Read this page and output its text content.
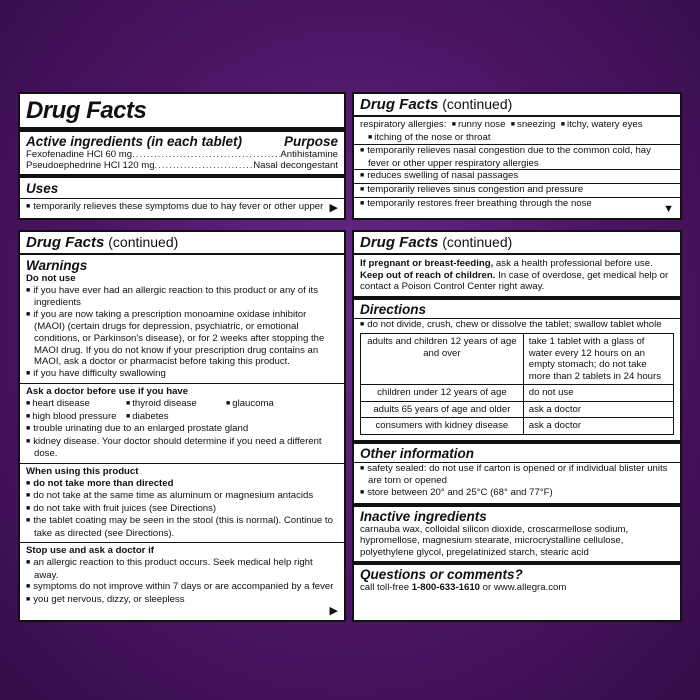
Drug Facts
Active ingredients (in each tablet)	Purpose
Fexofenadine HCl 60 mg .....	Antihistamine
Pseudoephedrine HCl 120 mg .....	Nasal decongestant
Uses
■ temporarily relieves these symptoms due to hay fever or other upper ▶
Drug Facts (continued)
respiratory allergies: ■ runny nose ■ sneezing ■ itchy, watery eyes
■ itching of the nose or throat
■ temporarily relieves nasal congestion due to the common cold, hay fever or other upper respiratory allergies
■ reduces swelling of nasal passages
■ temporarily relieves sinus congestion and pressure
■ temporarily restores freer breathing through the nose	▼
Drug Facts (continued)
Warnings
Do not use
■ if you have ever had an allergic reaction to this product or any of its ingredients
■ if you are now taking a prescription monoamine oxidase inhibitor (MAOI) (certain drugs for depression, psychiatric, or emotional conditions, or Parkinson's disease), or for 2 weeks after stopping the MAOI drug. If you do not know if your prescription drug contains an MAOI, ask a doctor or pharmacist before taking this product.
■ if you have difficulty swallowing
Ask a doctor before use if you have
■ heart disease	■ thyroid disease	■ glaucoma
■ high blood pressure	■ diabetes
■ trouble urinating due to an enlarged prostate gland
■ kidney disease. Your doctor should determine if you need a different dose.
When using this product
■ do not take more than directed
■ do not take at the same time as aluminum or magnesium antacids
■ do not take with fruit juices (see Directions)
■ the tablet coating may be seen in the stool (this is normal). Continue to take as directed (see Directions).
Stop use and ask a doctor if
■ an allergic reaction to this product occurs. Seek medical help right away.
■ symptoms do not improve within 7 days or are accompanied by a fever
■ you get nervous, dizzy, or sleepless
▶
Drug Facts (continued)
If pregnant or breast-feeding, ask a health professional before use.
Keep out of reach of children. In case of overdose, get medical help or contact a Poison Control Center right away.
Directions
■ do not divide, crush, chew or dissolve the tablet; swallow tablet whole
adults and children 12 years of age and over	take 1 tablet with a glass of water every 12 hours on an empty stomach; do not take more than 2 tablets in 24 hours
children under 12 years of age	do not use
adults 65 years of age and older	ask a doctor
consumers with kidney disease	ask a doctor
Other information
■ safety sealed: do not use if carton is opened or if individual blister units are torn or opened
■ store between 20° and 25°C (68° and 77°F)
Inactive ingredients
carnauba wax, colloidal silicon dioxide, croscarmellose sodium, hypromellose, magnesium stearate, microcrystalline cellulose, polyethylene glycol, pregelatinized starch, stearic acid
Questions or comments?
call toll-free 1-800-633-1610 or www.allegra.com
